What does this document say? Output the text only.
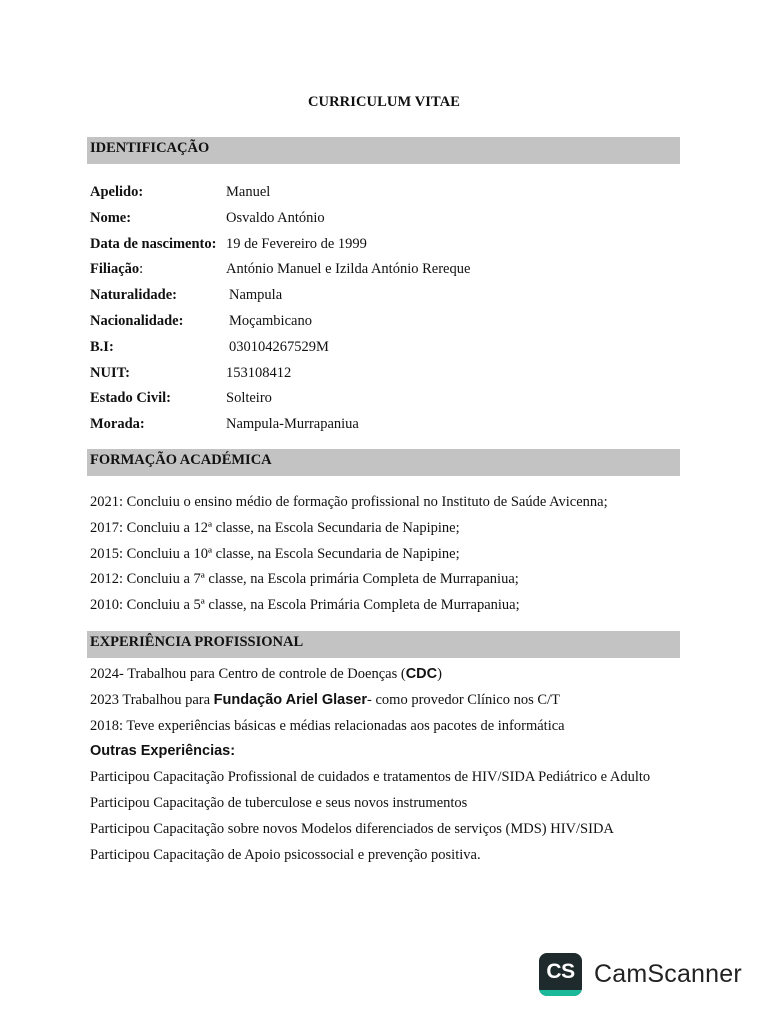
CURRICULUM VITAE
IDENTIFICAÇÃO
Apelido:	Manuel
Nome:	Osvaldo António
Data de nascimento: 19 de Fevereiro de 1999
Filiação:	António Manuel e Izilda António Rereque
Naturalidade:	Nampula
Nacionalidade:	Moçambicano
B.I:	030104267529M
NUIT:	153108412
Estado Civil:	Solteiro
Morada:	Nampula-Murrapaniua
FORMAÇÃO ACADÉMICA
2021: Concluiu o ensino médio de formação profissional no Instituto de Saúde Avicenna;
2017: Concluiu a 12ª classe, na Escola Secundaria de Napipine;
2015: Concluiu a 10ª classe, na Escola Secundaria de Napipine;
2012: Concluiu a 7ª classe, na Escola primária Completa de Murrapaniua;
2010: Concluiu a 5ª classe, na Escola Primária Completa de Murrapaniua;
EXPERIÊNCIA PROFISSIONAL
2024- Trabalhou para Centro de controle de Doenças (CDC)
2023 Trabalhou para Fundação Ariel Glaser- como provedor Clínico nos C/T
2018: Teve experiências básicas e médias relacionadas aos pacotes de informática
Outras Experiências:
Participou Capacitação Profissional de cuidados e tratamentos de HIV/SIDA Pediátrico e Adulto
Participou Capacitação de tuberculose e seus novos instrumentos
Participou Capacitação sobre novos Modelos diferenciados de serviços (MDS) HIV/SIDA
Participou Capacitação de Apoio psicossocial e prevenção positiva.
CS CamScanner
